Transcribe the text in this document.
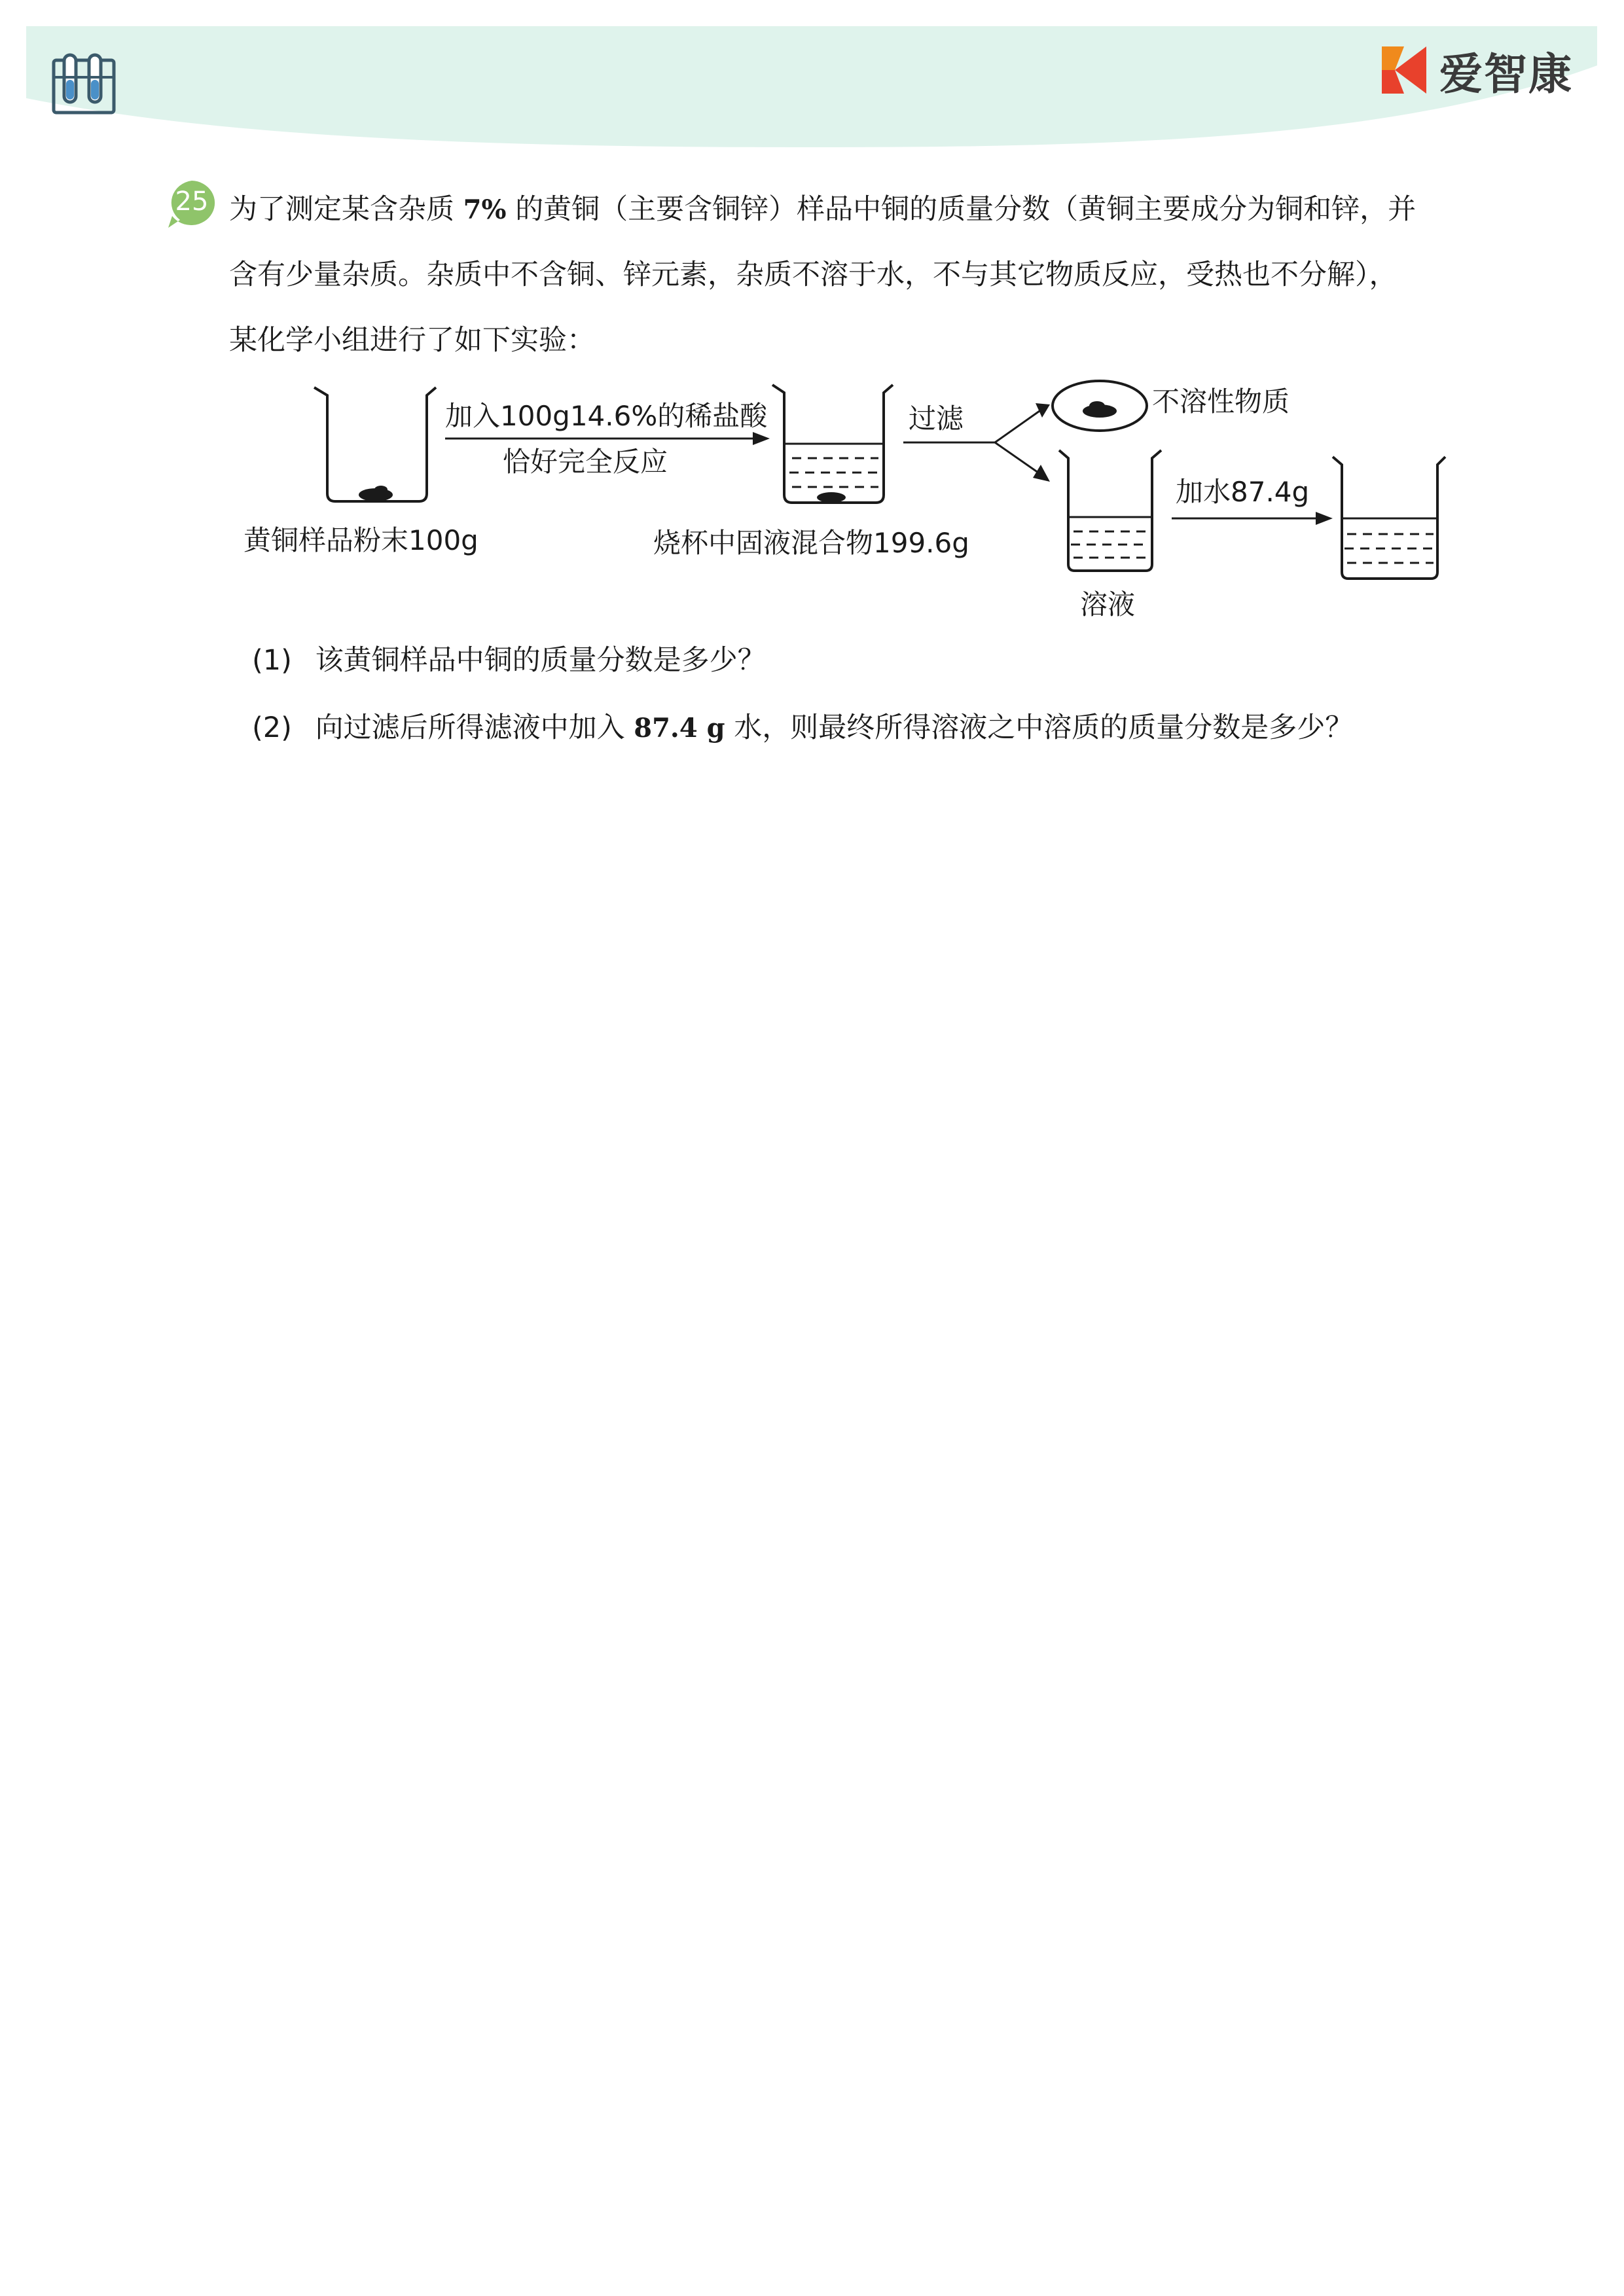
爱智康
25 为了测定某含杂质 7% 的黄铜（主要含铜锌）样品中铜的质量分数（黄铜主要成分为铜和锌，并
含有少量杂质。杂质中不含铜、锌元素，杂质不溶于水，不与其它物质反应，受热也不分解），
某化学小组进行了如下实验：
黄铜样品粉末100g
加入100g14.6%的稀盐酸
恰好完全反应
烧杯中固液混合物199.6g
过滤
不溶性物质
溶液
加水87.4g
(1) 该黄铜样品中铜的质量分数是多少？
(2) 向过滤后所得滤液中加入 87.4 g 水，则最终所得溶液之中溶质的质量分数是多少？
